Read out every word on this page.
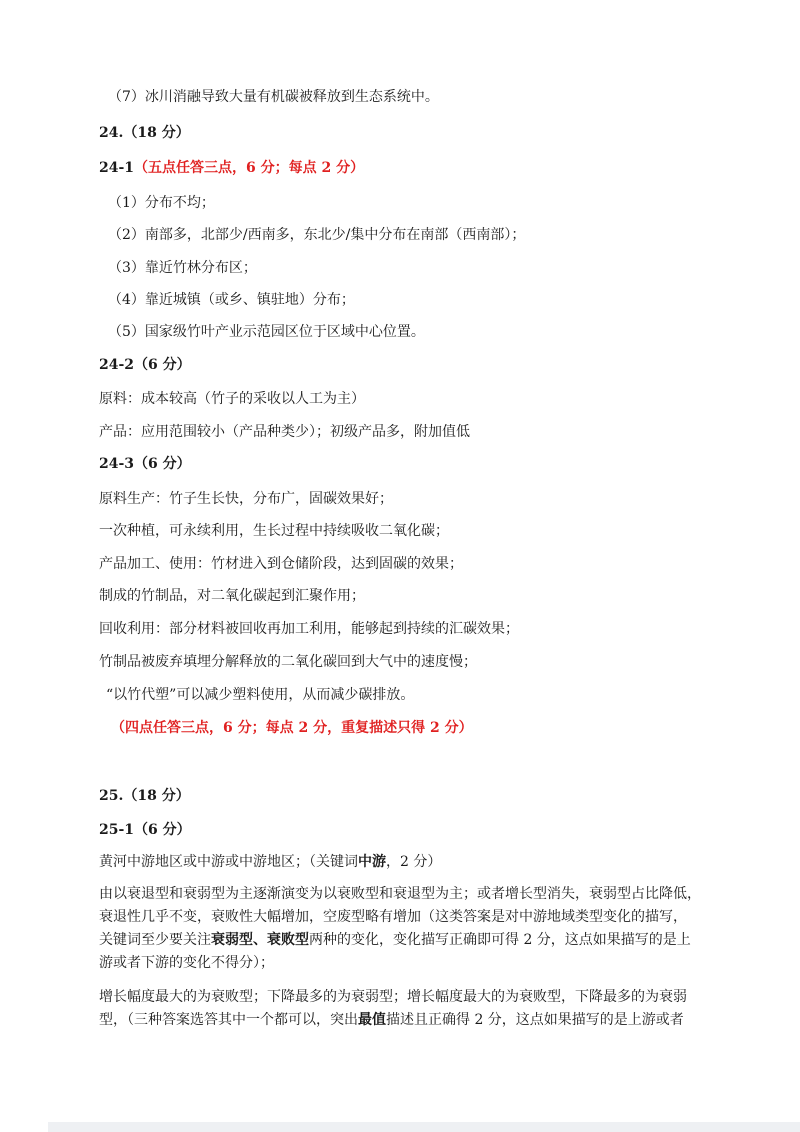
（7）冰川消融导致大量有机碳被释放到生态系统中。
24.（18 分）
24-1（五点任答三点，6 分；每点 2 分）
（1）分布不均；
（2）南部多，北部少/西南多，东北少/集中分布在南部（西南部）；
（3）靠近竹林分布区；
（4）靠近城镇（或乡、镇驻地）分布；
（5）国家级竹叶产业示范园区位于区域中心位置。
24-2（6 分）
原料：成本较高（竹子的采收以人工为主）
产品：应用范围较小（产品种类少）；初级产品多，附加值低
24-3（6 分）
原料生产：竹子生长快，分布广，固碳效果好；
一次种植，可永续利用，生长过程中持续吸收二氧化碳；
产品加工、使用：竹材进入到仓储阶段，达到固碳的效果；
制成的竹制品，对二氧化碳起到汇聚作用；
回收利用：部分材料被回收再加工利用，能够起到持续的汇碳效果；
竹制品被废弃填埋分解释放的二氧化碳回到大气中的速度慢；
“以竹代塑”可以减少塑料使用，从而减少碳排放。
（四点任答三点，6 分；每点 2 分，重复描述只得 2 分）
25.（18 分）
25-1（6 分）
黄河中游地区或中游或中游地区；（关键词中游，2 分）
由以衰退型和衰弱型为主逐渐演变为以衰败型和衰退型为主；或者增长型消失，衰弱型占比降低，
衰退性几乎不变，衰败性大幅增加，空废型略有增加（这类答案是对中游地域类型变化的描写，
关键词至少要关注衰弱型、衰败型两种的变化，变化描写正确即可得 2 分，这点如果描写的是上
游或者下游的变化不得分）；
增长幅度最大的为衰败型；下降最多的为衰弱型；增长幅度最大的为衰败型，下降最多的为衰弱
型，（三种答案选答其中一个都可以，突出最值描述且正确得 2 分，这点如果描写的是上游或者
